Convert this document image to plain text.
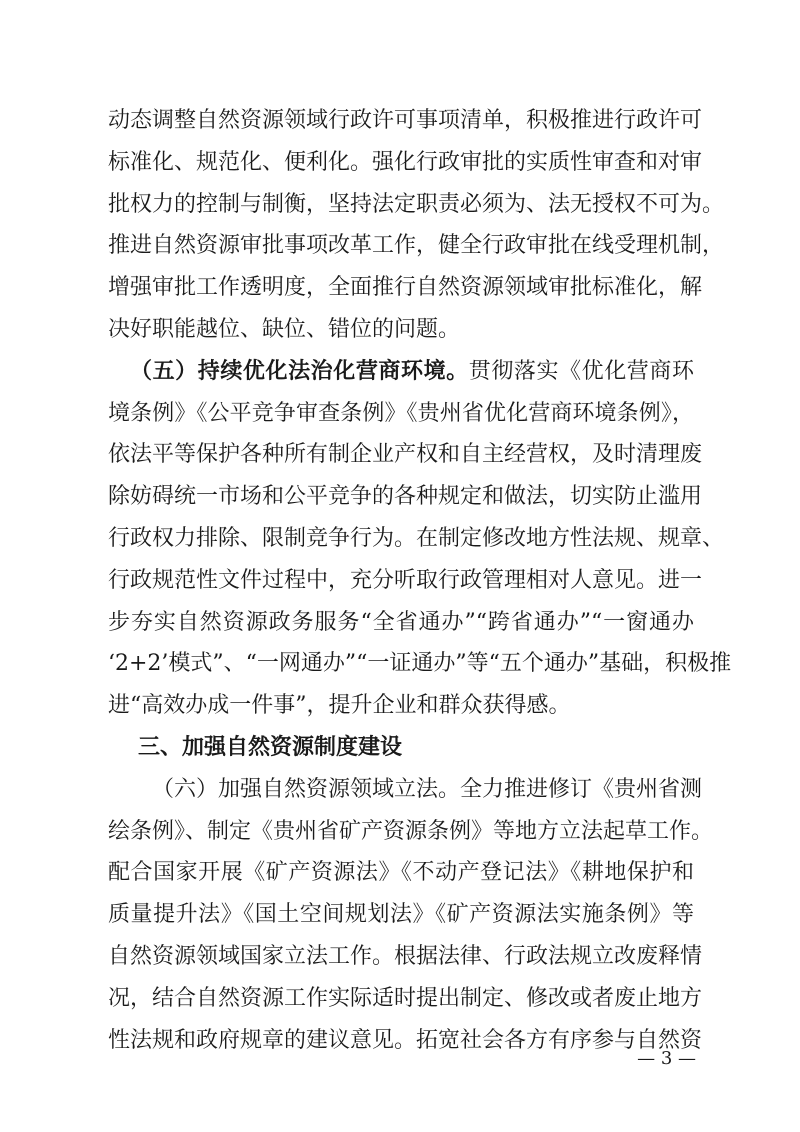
动态调整自然资源领域行政许可事项清单，积极推进行政许可
标准化、规范化、便利化。强化行政审批的实质性审查和对审
批权力的控制与制衡，坚持法定职责必须为、法无授权不可为。
推进自然资源审批事项改革工作，健全行政审批在线受理机制，
增强审批工作透明度，全面推行自然资源领域审批标准化，解
决好职能越位、缺位、错位的问题。
（五）持续优化法治化营商环境。贯彻落实《优化营商环
境条例》《公平竞争审查条例》《贵州省优化营商环境条例》，
依法平等保护各种所有制企业产权和自主经营权，及时清理废
除妨碍统一市场和公平竞争的各种规定和做法，切实防止滥用
行政权力排除、限制竞争行为。在制定修改地方性法规、规章、
行政规范性文件过程中，充分听取行政管理相对人意见。进一
步夯实自然资源政务服务“全省通办”“跨省通办”“一窗通办
‘2+2’模式”、“一网通办”“一证通办”等“五个通办”基础，积极推
进“高效办成一件事”，提升企业和群众获得感。
三、加强自然资源制度建设
（六）加强自然资源领域立法。全力推进修订《贵州省测
绘条例》、制定《贵州省矿产资源条例》等地方立法起草工作。
配合国家开展《矿产资源法》《不动产登记法》《耕地保护和
质量提升法》《国土空间规划法》《矿产资源法实施条例》等
自然资源领域国家立法工作。根据法律、行政法规立改废释情
况，结合自然资源工作实际适时提出制定、修改或者废止地方
性法规和政府规章的建议意见。拓宽社会各方有序参与自然资
— 3 —
